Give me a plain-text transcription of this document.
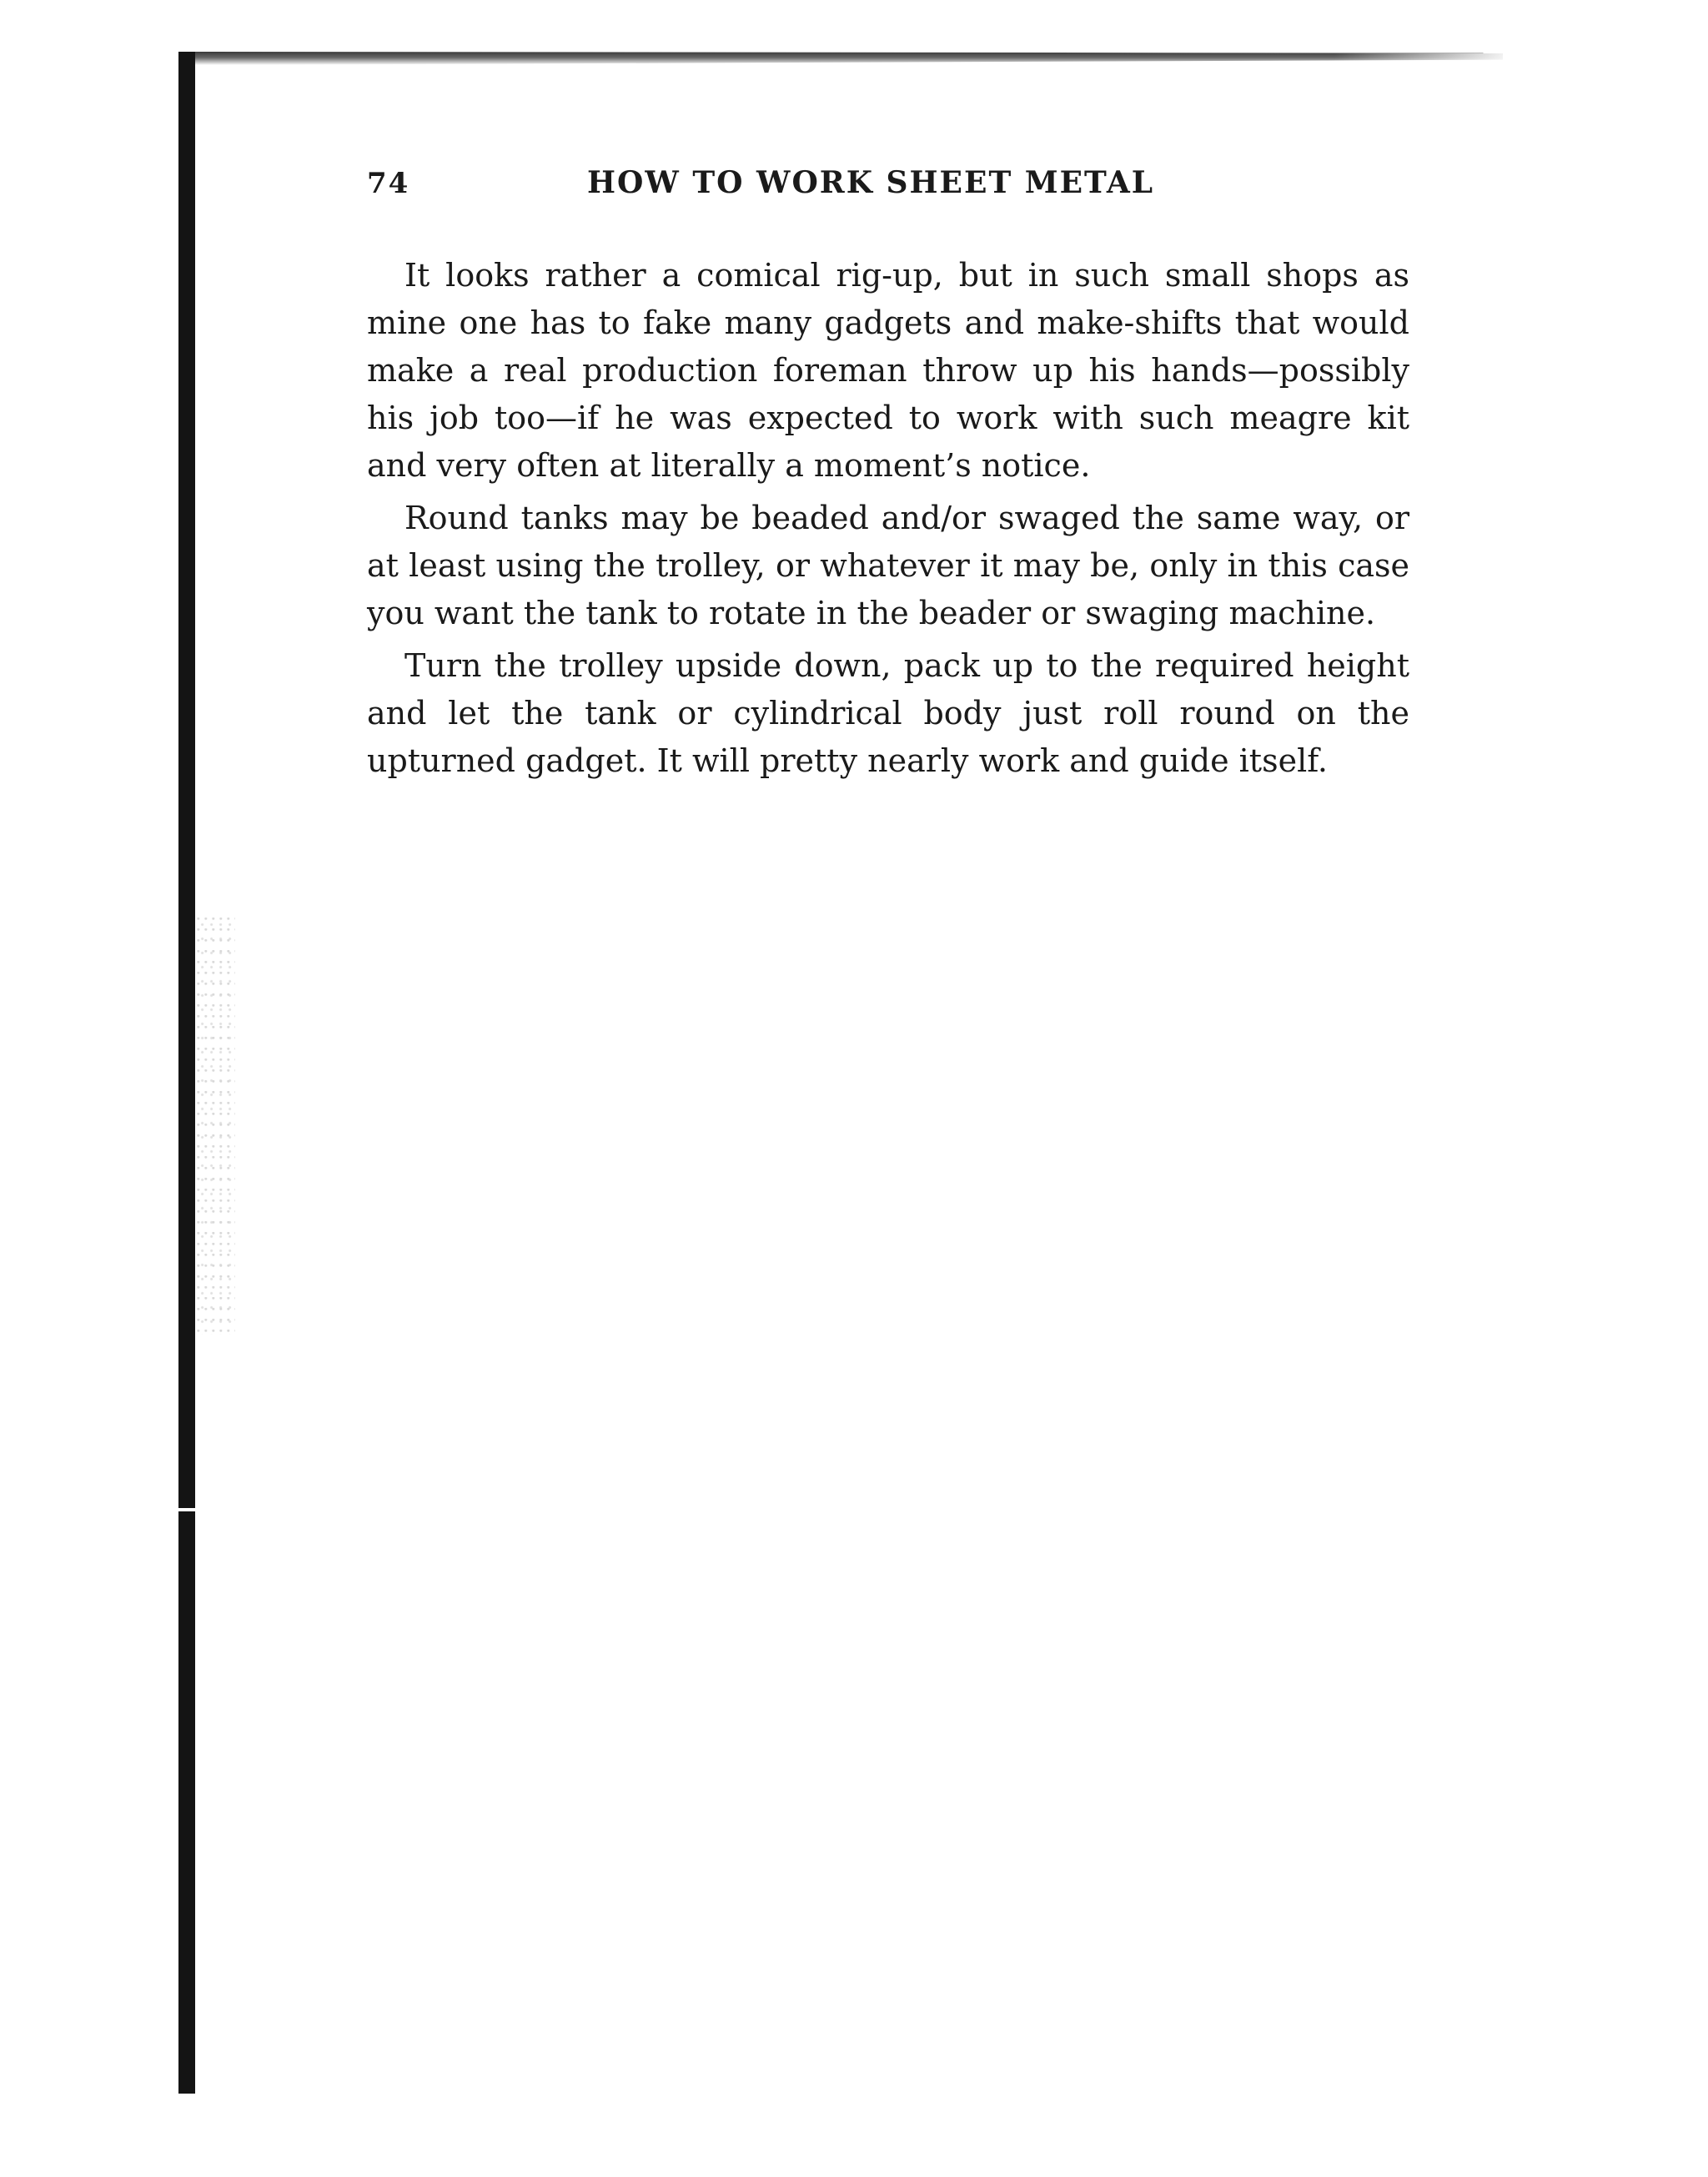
74	HOW TO WORK SHEET METAL

It looks rather a comical rig-up, but in such small shops as mine one has to fake many gadgets and make-shifts that would make a real production foreman throw up his hands—possibly his job too—if he was expected to work with such meagre kit and very often at literally a moment’s notice.

Round tanks may be beaded and/or swaged the same way, or at least using the trolley, or whatever it may be, only in this case you want the tank to rotate in the beader or swaging machine.

Turn the trolley upside down, pack up to the required height and let the tank or cylindrical body just roll round on the upturned gadget. It will pretty nearly work and guide itself.
